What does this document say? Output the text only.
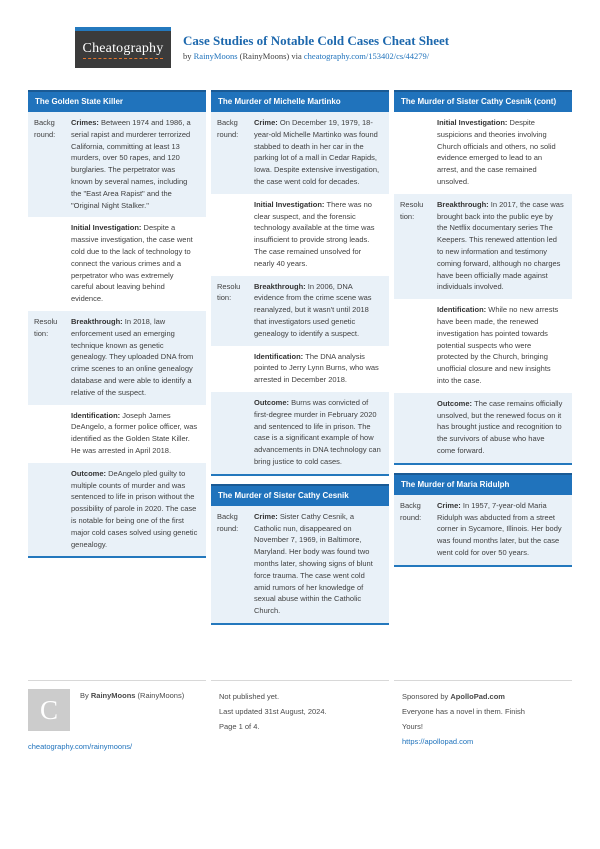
Cheatography Case Studies of Notable Cold Cases Cheat Sheet
by RainyMoons (RainyMoons) via cheatography.com/153402/cs/44279/
The Golden State Killer
Backg round:
Crimes: Between 1974 and 1986, a serial rapist and murderer terrorized California, committing at least 13 murders, over 50 rapes, and 120 burglaries. The perpetrator was known by several names, including the "East Area Rapist" and the "Original Night Stalker."
Initial Investigation: Despite a massive investigation, the case went cold due to the lack of technology to connect the various crimes and a perpetrator who was extremely careful about leaving behind evidence.
Resolu tion:
Breakthrough: In 2018, law enforcement used an emerging technique known as genetic genealogy. They uploaded DNA from crime scenes to an online genealogy database and were able to identify a relative of the suspect.
Identification: Joseph James DeAngelo, a former police officer, was identified as the Golden State Killer. He was arrested in April 2018.
Outcome: DeAngelo pled guilty to multiple counts of murder and was sentenced to life in prison without the possibility of parole in 2020. The case is notable for being one of the first major cold cases solved using genetic genealogy.
The Murder of Michelle Martinko
Backg round:
Crime: On December 19, 1979, 18-year-old Michelle Martinko was found stabbed to death in her car in the parking lot of a mall in Cedar Rapids, Iowa. Despite extensive investigation, the case went cold for decades.
Initial Investigation: There was no clear suspect, and the forensic technology available at the time was insufficient to provide strong leads. The case remained unsolved for nearly 40 years.
Resolu tion:
Breakthrough: In 2006, DNA evidence from the crime scene was reanalyzed, but it wasn't until 2018 that investigators used genetic genealogy to identify a suspect.
Identification: The DNA analysis pointed to Jerry Lynn Burns, who was arrested in December 2018.
Outcome: Burns was convicted of first-degree murder in February 2020 and sentenced to life in prison. The case is a significant example of how advancements in DNA technology can bring justice to cold cases.
The Murder of Sister Cathy Cesnik
Backg round:
Crime: Sister Cathy Cesnik, a Catholic nun, disappeared on November 7, 1969, in Baltimore, Maryland. Her body was found two months later, showing signs of blunt force trauma. The case went cold amid rumors of her knowledge of sexual abuse within the Catholic Church.
The Murder of Sister Cathy Cesnik (cont)
Initial Investigation: Despite suspicions and theories involving Church officials and others, no solid evidence emerged to lead to an arrest, and the case remained unsolved.
Resolu tion:
Breakthrough: In 2017, the case was brought back into the public eye by the Netflix documentary series The Keepers. This renewed attention led to new information and testimony coming forward, although no charges have been officially made against individuals involved.
Identification: While no new arrests have been made, the renewed investigation has pointed towards potential suspects who were protected by the Church, bringing unofficial closure and new insights into the case.
Outcome: The case remains officially unsolved, but the renewed focus on it has brought justice and recognition to the survivors of abuse who have come forward.
The Murder of Maria Ridulph
Backg round:
Crime: In 1957, 7-year-old Maria Ridulph was abducted from a street corner in Sycamore, Illinois. Her body was found months later, but the case went cold for over 50 years.
C	By RainyMoons (RainyMoons)
cheatography.com/rainymoons/
Not published yet.
Last updated 31st August, 2024.
Page 1 of 4.
Sponsored by ApolloPad.com
Everyone has a novel in them. Finish
Yours!
https://apollopad.com
